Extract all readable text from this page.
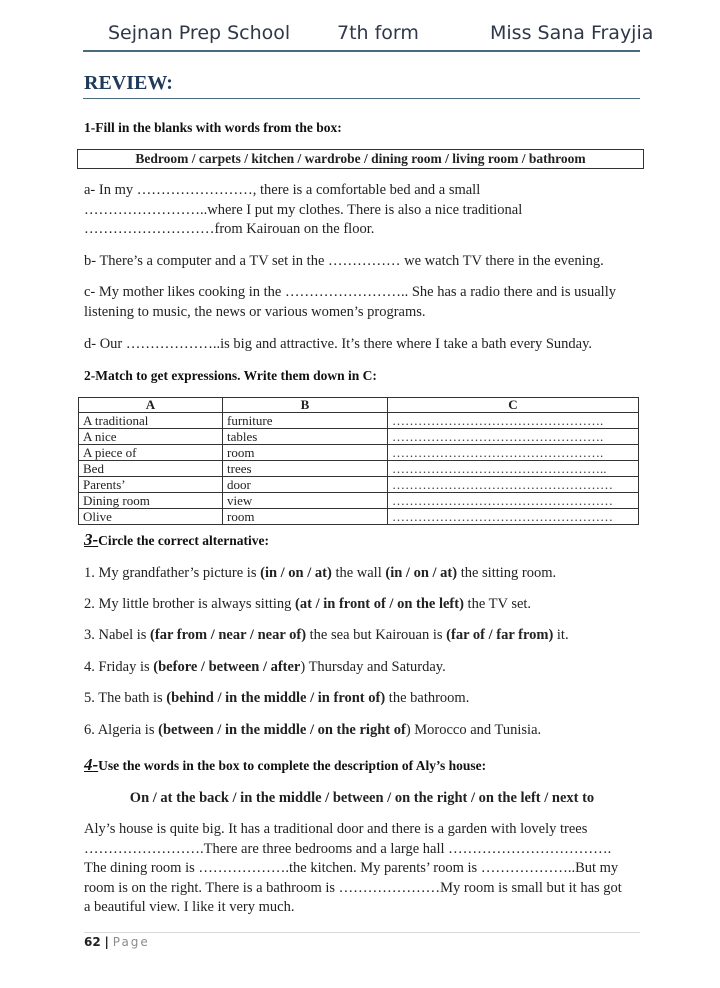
Sejnan Prep School 7th form	Miss Sana Frayjia
REVIEW:
1-Fill in the blanks with words from the box:
Bedroom / carpets / kitchen / wardrobe / dining room / living room / bathroom
a- In my ……………………, there is a comfortable bed and a small
……………………..where I put my clothes. There is also a nice traditional
………………………from Kairouan on the floor.
b- There’s a computer and a TV set in the …………… we watch TV there in the evening.
c- My mother likes cooking in the …………………….. She has a radio there and is usually
listening to music, the news or various women’s programs.
d- Our ………………..is big and attractive. It’s there where I take a bath every Sunday.
2-Match to get expressions. Write them down in C:
A	B	C
A traditional	furniture	………………………………………….
A nice	tables	………………………………………….
A piece of	room	………………………………………….
Bed	trees	…………………………………………..
Parents’	door	……………………………………………
Dining room	view	……………………………………………
Olive	room	……………………………………………
3-Circle the correct alternative:
1. My grandfather’s picture is (in / on / at) the wall (in / on / at) the sitting room.
2. My little brother is always sitting (at / in front of / on the left) the TV set.
3. Nabel is (far from / near / near of) the sea but Kairouan is (far of / far from) it.
4. Friday is (before / between / after) Thursday and Saturday.
5. The bath is (behind / in the middle / in front of) the bathroom.
6. Algeria is (between / in the middle / on the right of) Morocco and Tunisia.
4-Use the words in the box to complete the description of Aly’s house:
On / at the back / in the middle / between / on the right / on the left / next to
Aly’s house is quite big. It has a traditional door and there is a garden with lovely trees
…………………….There are three bedrooms and a large hall …………………………….
The dining room is ……………….the kitchen. My parents’ room is ………………..But my
room is on the right. There is a bathroom is …………………My room is small but it has got
a beautiful view. I like it very much.
62 | Page
